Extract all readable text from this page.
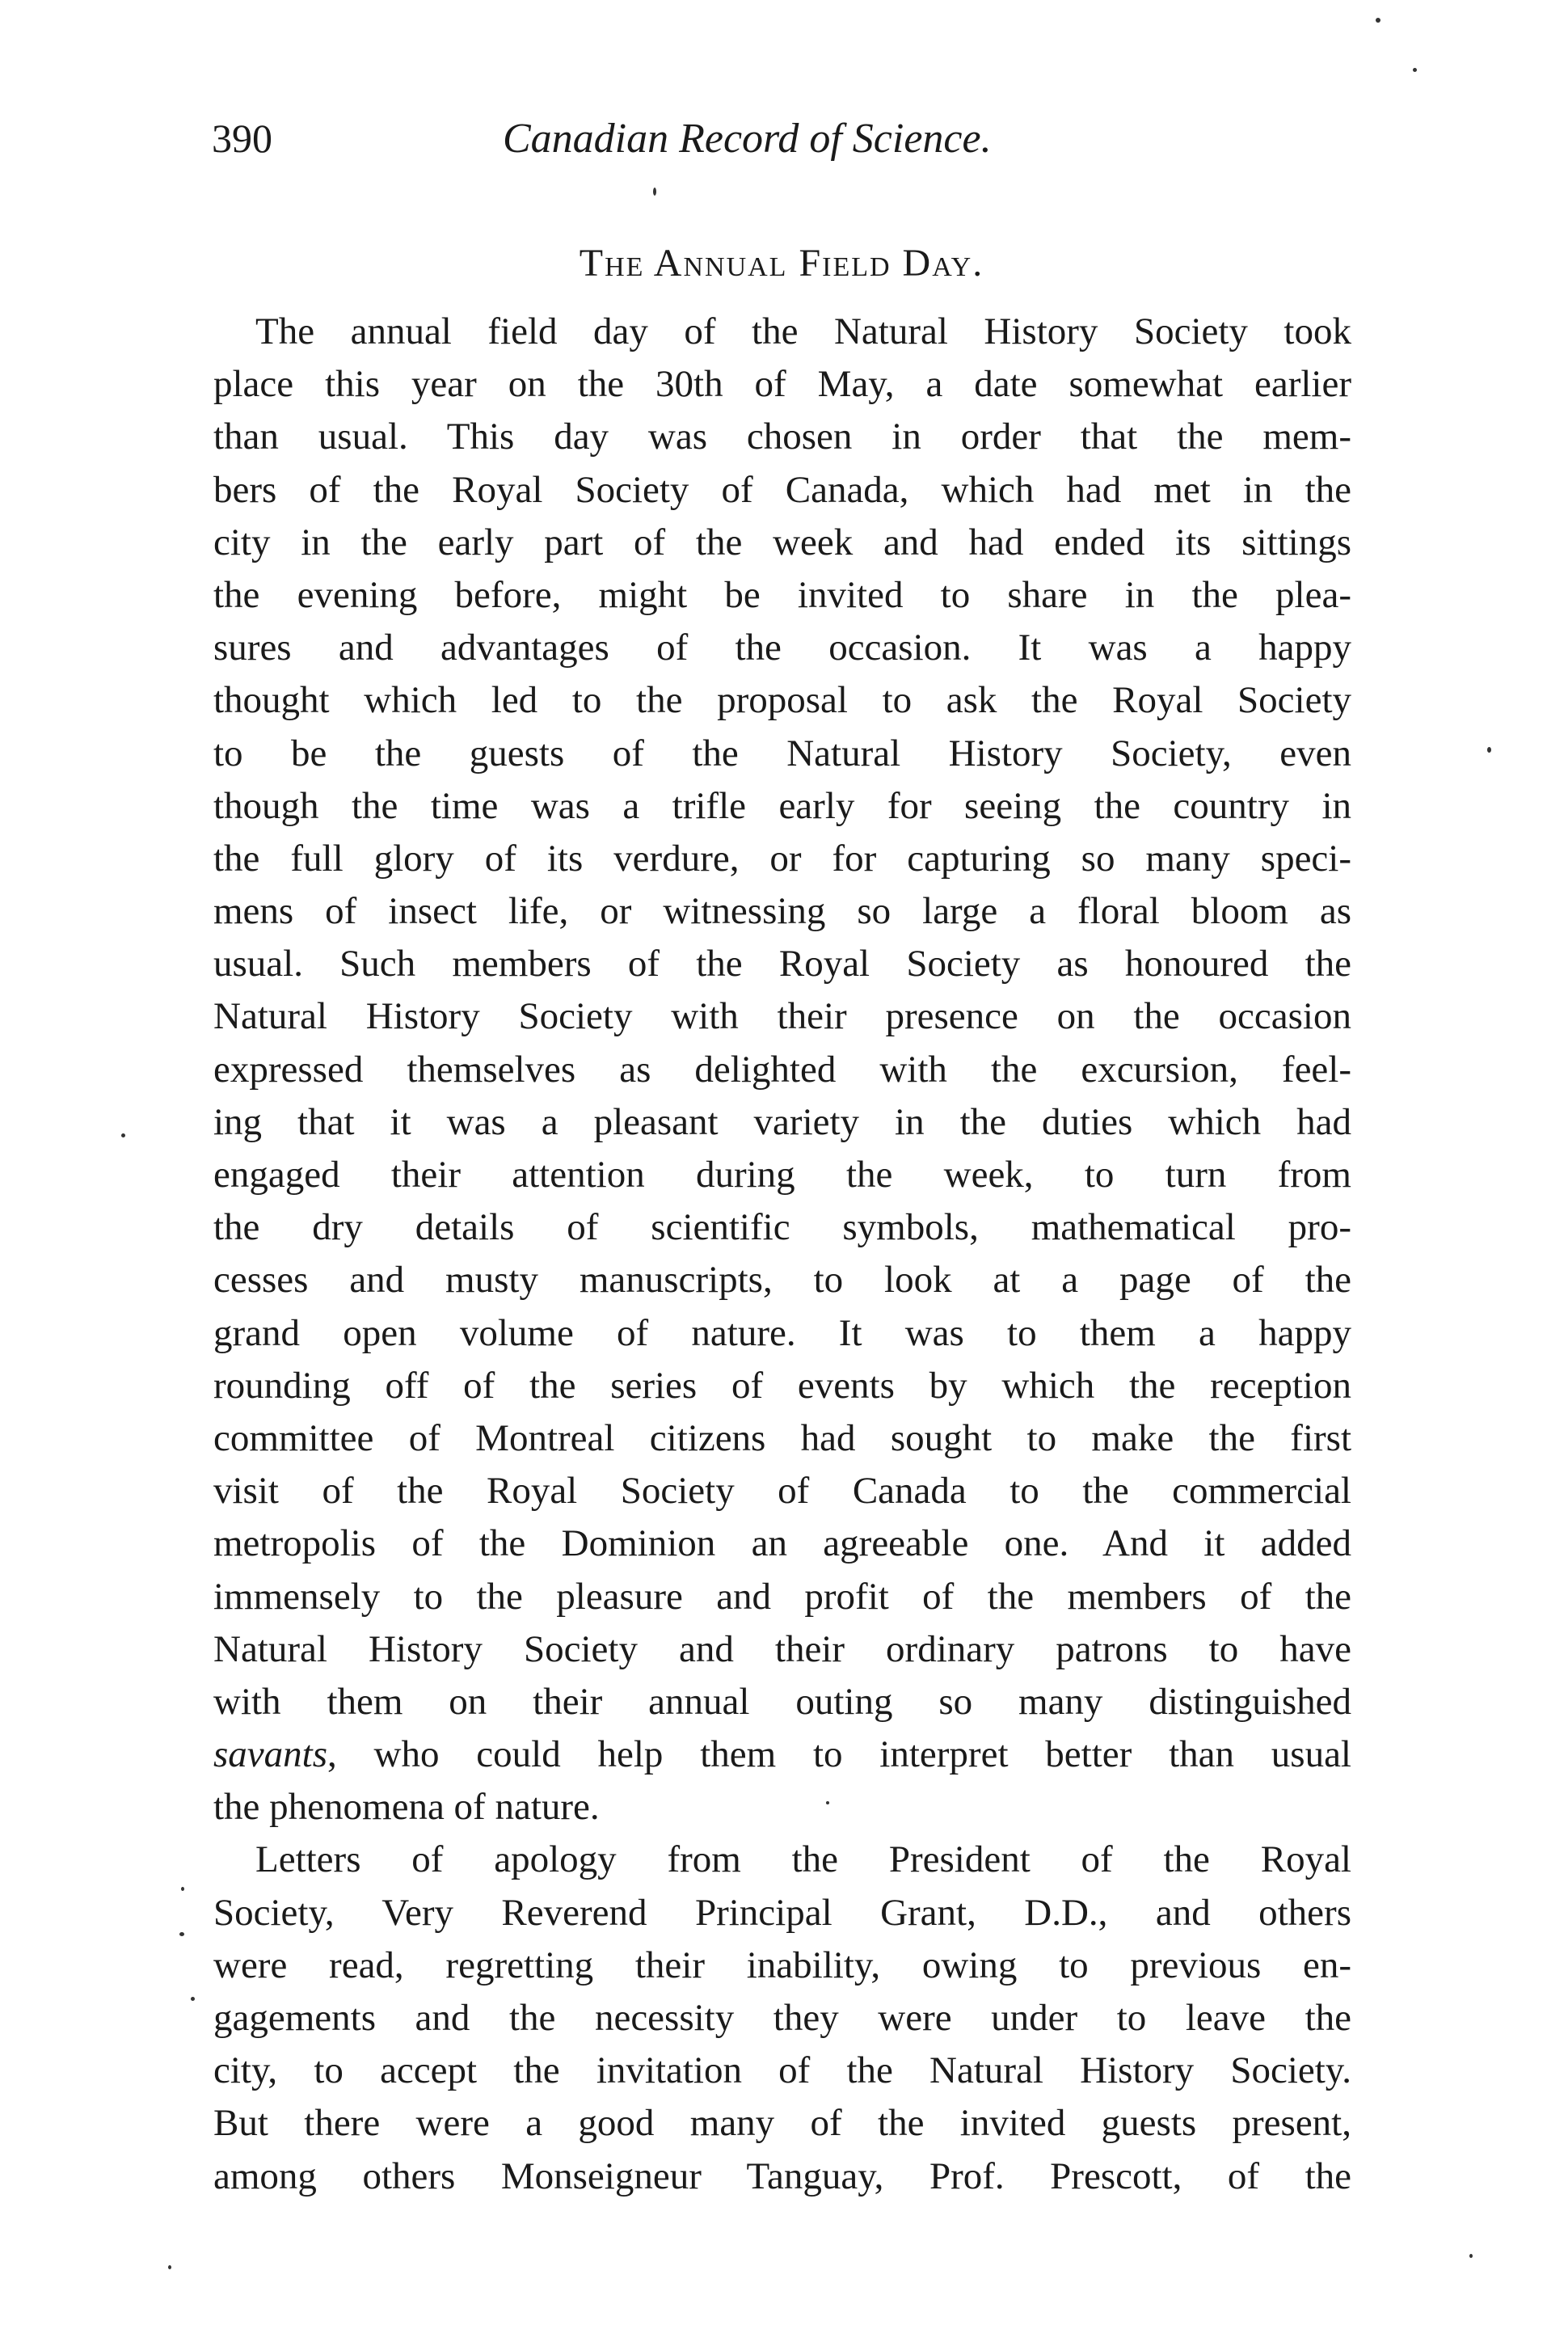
390	Canadian Record of Science.
The Annual Field Day.
The annual field day of the Natural History Society took
place this year on the 30th of May, a date somewhat earlier
than usual. This day was chosen in order that the mem-
bers of the Royal Society of Canada, which had met in the
city in the early part of the week and had ended its sittings
the evening before, might be invited to share in the plea-
sures and advantages of the occasion. It was a happy
thought which led to the proposal to ask the Royal Society
to be the guests of the Natural History Society, even
though the time was a trifle early for seeing the country in
the full glory of its verdure, or for capturing so many speci-
mens of insect life, or witnessing so large a floral bloom as
usual. Such members of the Royal Society as honoured the
Natural History Society with their presence on the occasion
expressed themselves as delighted with the excursion, feel-
ing that it was a pleasant variety in the duties which had
engaged their attention during the week, to turn from
the dry details of scientific symbols, mathematical pro-
cesses and musty manuscripts, to look at a page of the
grand open volume of nature. It was to them a happy
rounding off of the series of events by which the reception
committee of Montreal citizens had sought to make the first
visit of the Royal Society of Canada to the commercial
metropolis of the Dominion an agreeable one. And it added
immensely to the pleasure and profit of the members of the
Natural History Society and their ordinary patrons to have
with them on their annual outing so many distinguished
savants, who could help them to interpret better than usual
the phenomena of nature.
Letters of apology from the President of the Royal
Society, Very Reverend Principal Grant, D.D., and others
were read, regretting their inability, owing to previous en-
gagements and the necessity they were under to leave the
city, to accept the invitation of the Natural History Society.
But there were a good many of the invited guests present,
among others Monseigneur Tanguay, Prof. Prescott, of the
